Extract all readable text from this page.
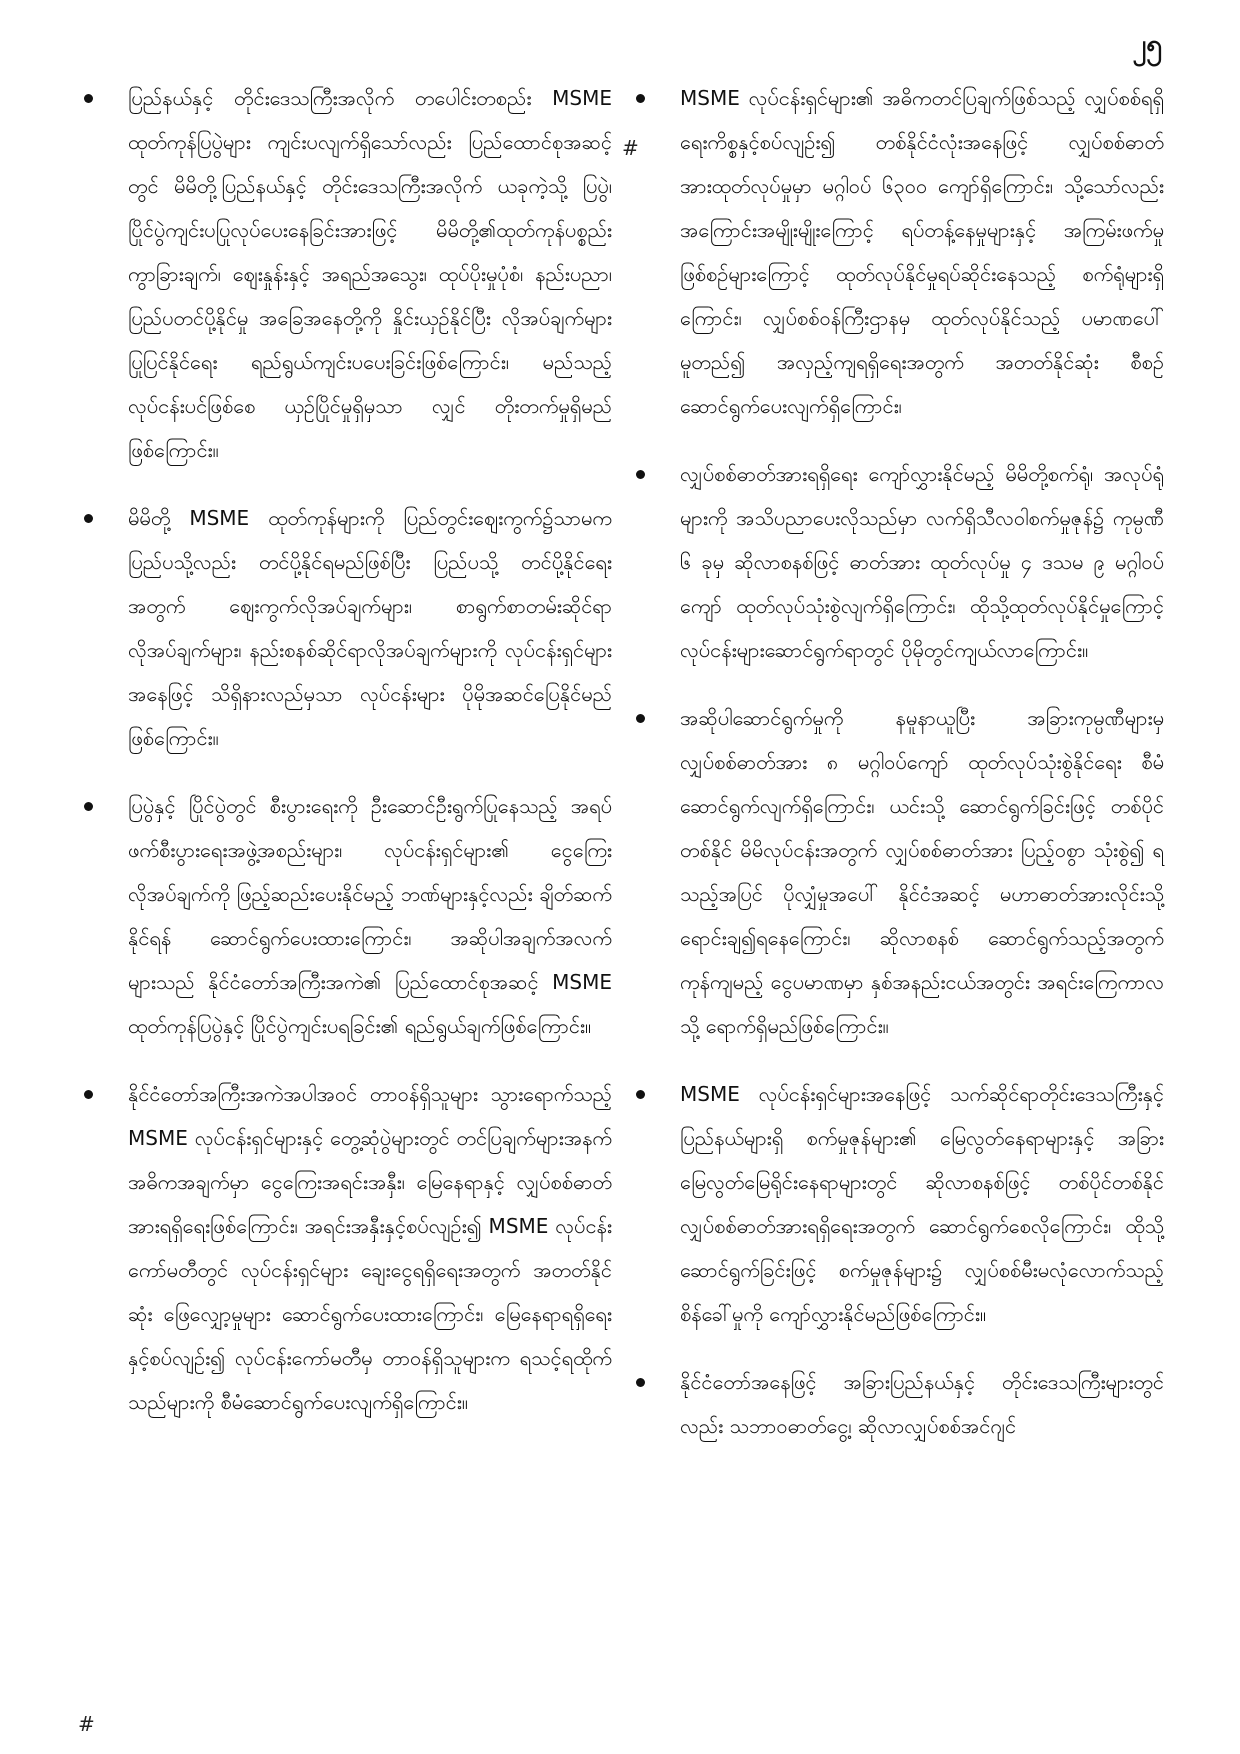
၂၅
#
ပြည်နယ်နှင့် တိုင်းဒေသကြီးအလိုက် တပေါင်းတစည်း MSME ထုတ်ကုန်ပြပွဲများ ကျင်းပလျက်ရှိသော်လည်း ပြည်ထောင်စုအဆင့်တွင် မိမိတို့ပြည်နယ်နှင့် တိုင်းဒေသကြီးအလိုက် ယခုကဲ့သို့ ပြပွဲ၊ ပြိုင်ပွဲကျင်းပပြုလုပ်ပေးနေခြင်းအားဖြင့် မိမိတို့၏ထုတ်ကုန်ပစ္စည်း ကွာခြားချက်၊ ဈေးနှုန်းနှင့် အရည်အသွေး၊ ထုပ်ပိုးမှုပုံစံ၊ နည်းပညာ၊ ပြည်ပတင်ပို့နိုင်မှု အခြေအနေတို့ကို နှိုင်းယှဉ်နိုင်ပြီး လိုအပ်ချက်များ ပြုပြင်နိုင်ရေး ရည်ရွယ်ကျင်းပပေးခြင်းဖြစ်ကြောင်း၊ မည်သည့်လုပ်ငန်းပင်ဖြစ်စေ ယှဉ်ပြိုင်မှုရှိမှသာ လျှင် တိုးတက်မှုရှိမည်ဖြစ်ကြောင်း။
မိမိတို့ MSME ထုတ်ကုန်များကို ပြည်တွင်းဈေးကွက်၌သာမက ပြည်ပသို့လည်း တင်ပို့နိုင်ရမည်ဖြစ်ပြီး ပြည်ပသို့ တင်ပို့နိုင်ရေးအတွက် ဈေးကွက်လိုအပ်ချက်များ၊ စာရွက်စာတမ်းဆိုင်ရာ လိုအပ်ချက်များ၊ နည်းစနစ်ဆိုင်ရာလိုအပ်ချက်များကို လုပ်ငန်းရှင်များအနေဖြင့် သိရှိနားလည်မှသာ လုပ်ငန်းများ ပိုမိုအဆင်ပြေနိုင်မည်ဖြစ်ကြောင်း။
ပြပွဲနှင့် ပြိုင်ပွဲတွင် စီးပွားရေးကို ဦးဆောင်ဦးရွက်ပြုနေသည့် အရပ်ဖက်စီးပွားရေးအဖွဲ့အစည်းများ၊ လုပ်ငန်းရှင်များ၏ ငွေကြေးလိုအပ်ချက်ကို ဖြည့်ဆည်းပေးနိုင်မည့် ဘဏ်များနှင့်လည်း ချိတ်ဆက်နိုင်ရန် ဆောင်ရွက်ပေးထားကြောင်း၊ အဆိုပါအချက်အလက်များသည် နိုင်ငံတော်အကြီးအကဲ၏ ပြည်ထောင်စုအဆင့် MSME ထုတ်ကုန်ပြပွဲနှင့် ပြိုင်ပွဲကျင်းပရခြင်း၏ ရည်ရွယ်ချက်ဖြစ်ကြောင်း။
နိုင်ငံတော်အကြီးအကဲအပါအဝင် တာဝန်ရှိသူများ သွားရောက်သည့် MSME လုပ်ငန်းရှင်များနှင့် တွေ့ဆုံပွဲများတွင် တင်ပြချက်များအနက် အဓိကအချက်မှာ ငွေကြေးအရင်းအနှီး၊ မြေနေရာနှင့် လျှပ်စစ်ဓာတ်အားရရှိရေးဖြစ်ကြောင်း၊ အရင်းအနှီးနှင့်စပ်လျဉ်း၍ MSME လုပ်ငန်းကော်မတီတွင် လုပ်ငန်းရှင်များ ချေးငွေရရှိရေးအတွက် အတတ်နိုင်ဆုံး ဖြေလျှော့မှုများ ဆောင်ရွက်ပေးထားကြောင်း၊ မြေနေရာရရှိရေးနှင့်စပ်လျဉ်း၍ လုပ်ငန်းကော်မတီမှ တာဝန်ရှိသူများက ရသင့်ရထိုက်သည်များကို စီမံဆောင်ရွက်ပေးလျက်ရှိကြောင်း။
MSME လုပ်ငန်းရှင်များ၏ အဓိကတင်ပြချက်ဖြစ်သည့် လျှပ်စစ်ရရှိရေးကိစ္စနှင့်စပ်လျဉ်း၍ တစ်နိုင်ငံလုံးအနေဖြင့် လျှပ်စစ်ဓာတ်အားထုတ်လုပ်မှုမှာ မဂ္ဂါဝပ် ၆၃၀၀ ကျော်ရှိကြောင်း၊ သို့သော်လည်း အကြောင်းအမျိုးမျိုးကြောင့် ရပ်တန့်နေမှုများနှင့် အကြမ်းဖက်မှုဖြစ်စဉ်များကြောင့် ထုတ်လုပ်နိုင်မှုရပ်ဆိုင်းနေသည့် စက်ရုံများရှိကြောင်း၊ လျှပ်စစ်ဝန်ကြီးဌာနမှ ထုတ်လုပ်နိုင်သည့် ပမာဏပေါ်မူတည်၍ အလှည့်ကျရရှိရေးအတွက် အတတ်နိုင်ဆုံး စီစဉ်ဆောင်ရွက်ပေးလျက်ရှိကြောင်း၊
လျှပ်စစ်ဓာတ်အားရရှိရေး ကျော်လွှားနိုင်မည့် မိမိတို့စက်ရုံ၊ အလုပ်ရုံများကို အသိပညာပေးလိုသည်မှာ လက်ရှိသီလဝါစက်မှုဇုန်၌ ကုမ္ပဏီ ၆ ခုမှ ဆိုလာစနစ်ဖြင့် ဓာတ်အား ထုတ်လုပ်မှု ၄ ဒသမ ၉ မဂ္ဂါဝပ်ကျော် ထုတ်လုပ်သုံးစွဲလျက်ရှိကြောင်း၊ ထိုသို့ထုတ်လုပ်နိုင်မှုကြောင့် လုပ်ငန်းများဆောင်ရွက်ရာတွင် ပိုမိုတွင်ကျယ်လာကြောင်း။
အဆိုပါဆောင်ရွက်မှုကို နမူနာယူပြီး အခြားကုမ္ပဏီများမှ လျှပ်စစ်ဓာတ်အား ၈ မဂ္ဂါဝပ်ကျော် ထုတ်လုပ်သုံးစွဲနိုင်ရေး စီမံဆောင်ရွက်လျက်ရှိကြောင်း၊ ယင်းသို့ ဆောင်ရွက်ခြင်းဖြင့် တစ်ပိုင်တစ်နိုင် မိမိလုပ်ငန်းအတွက် လျှပ်စစ်ဓာတ်အား ပြည့်ဝစွာ သုံးစွဲ၍ ရသည့်အပြင် ပိုလျှံမှုအပေါ် နိုင်ငံအဆင့် မဟာဓာတ်အားလိုင်းသို့ ရောင်းချ၍ရနေကြောင်း၊ ဆိုလာစနစ် ဆောင်ရွက်သည့်အတွက် ကုန်ကျမည့် ငွေပမာဏမှာ နှစ်အနည်းငယ်အတွင်း အရင်းကြေကာလသို့ ရောက်ရှိမည်ဖြစ်ကြောင်း။
MSME လုပ်ငန်းရှင်များအနေဖြင့် သက်ဆိုင်ရာတိုင်းဒေသကြီးနှင့် ပြည်နယ်များရှိ စက်မှုဇုန်များ၏ မြေလွတ်နေရာများနှင့် အခြားမြေလွတ်မြေရိုင်းနေရာများတွင် ဆိုလာစနစ်ဖြင့် တစ်ပိုင်တစ်နိုင် လျှပ်စစ်ဓာတ်အားရရှိရေးအတွက် ဆောင်ရွက်စေလိုကြောင်း၊ ထိုသို့ဆောင်ရွက်ခြင်းဖြင့် စက်မှုဇုန်များ၌ လျှပ်စစ်မီးမလုံလောက်သည့် စိန်ခေါ်မှုကို ကျော်လွှားနိုင်မည်ဖြစ်ကြောင်း။
နိုင်ငံတော်အနေဖြင့် အခြားပြည်နယ်နှင့် တိုင်းဒေသကြီးများတွင်လည်း သဘာဝဓာတ်ငွေ့၊ ဆိုလာလျှပ်စစ်အင်ဂျင်
#
